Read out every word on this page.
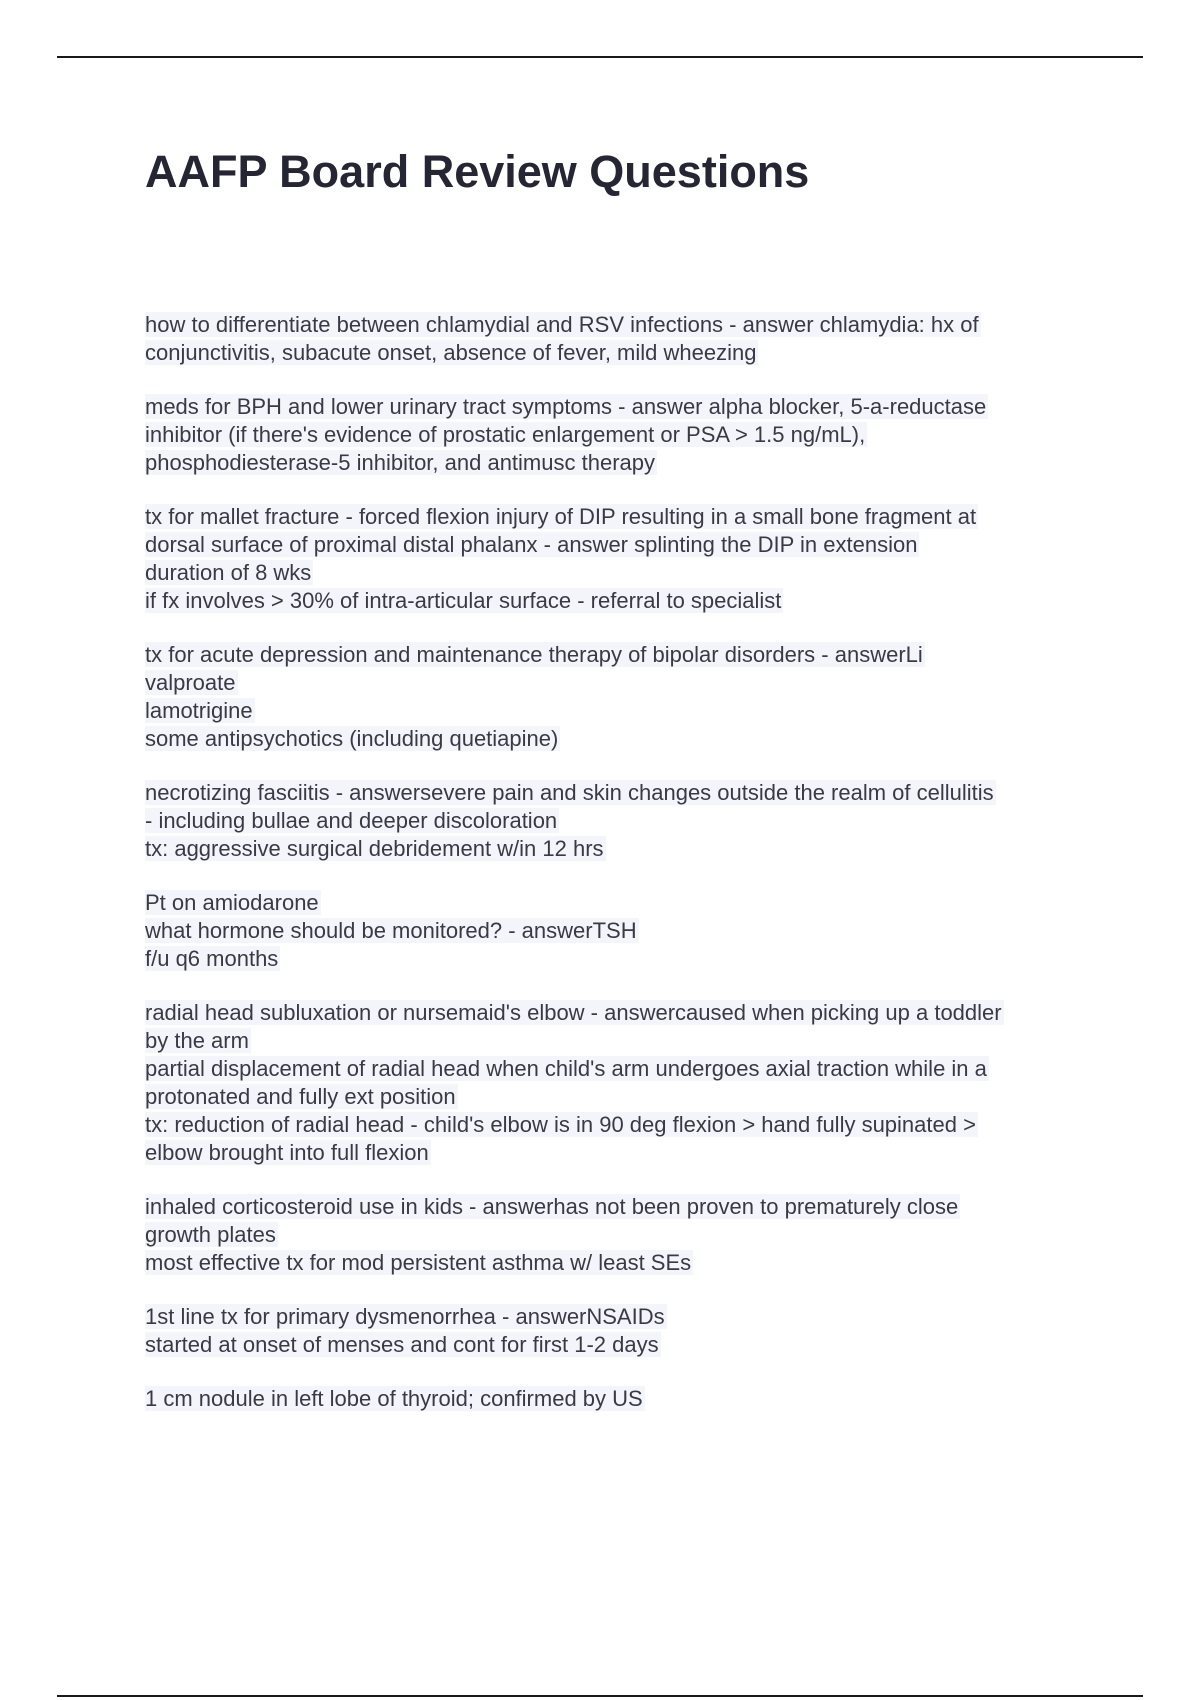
AAFP Board Review Questions
how to differentiate between chlamydial and RSV infections - answer chlamydia: hx of
conjunctivitis, subacute onset, absence of fever, mild wheezing
meds for BPH and lower urinary tract symptoms - answer alpha blocker, 5-a-reductase
inhibitor (if there's evidence of prostatic enlargement or PSA > 1.5 ng/mL),
phosphodiesterase-5 inhibitor, and antimusc therapy
tx for mallet fracture - forced flexion injury of DIP resulting in a small bone fragment at
dorsal surface of proximal distal phalanx - answer splinting the DIP in extension
duration of 8 wks
if fx involves > 30% of intra-articular surface - referral to specialist
tx for acute depression and maintenance therapy of bipolar disorders - answerLi
valproate
lamotrigine
some antipsychotics (including quetiapine)
necrotizing fasciitis - answersevere pain and skin changes outside the realm of cellulitis
- including bullae and deeper discoloration
tx: aggressive surgical debridement w/in 12 hrs
Pt on amiodarone
what hormone should be monitored? - answerTSH
f/u q6 months
radial head subluxation or nursemaid's elbow - answercaused when picking up a toddler
by the arm
partial displacement of radial head when child's arm undergoes axial traction while in a
protonated and fully ext position
tx: reduction of radial head - child's elbow is in 90 deg flexion > hand fully supinated >
elbow brought into full flexion
inhaled corticosteroid use in kids - answerhas not been proven to prematurely close
growth plates
most effective tx for mod persistent asthma w/ least SEs
1st line tx for primary dysmenorrhea - answerNSAIDs
started at onset of menses and cont for first 1-2 days
1 cm nodule in left lobe of thyroid; confirmed by US
